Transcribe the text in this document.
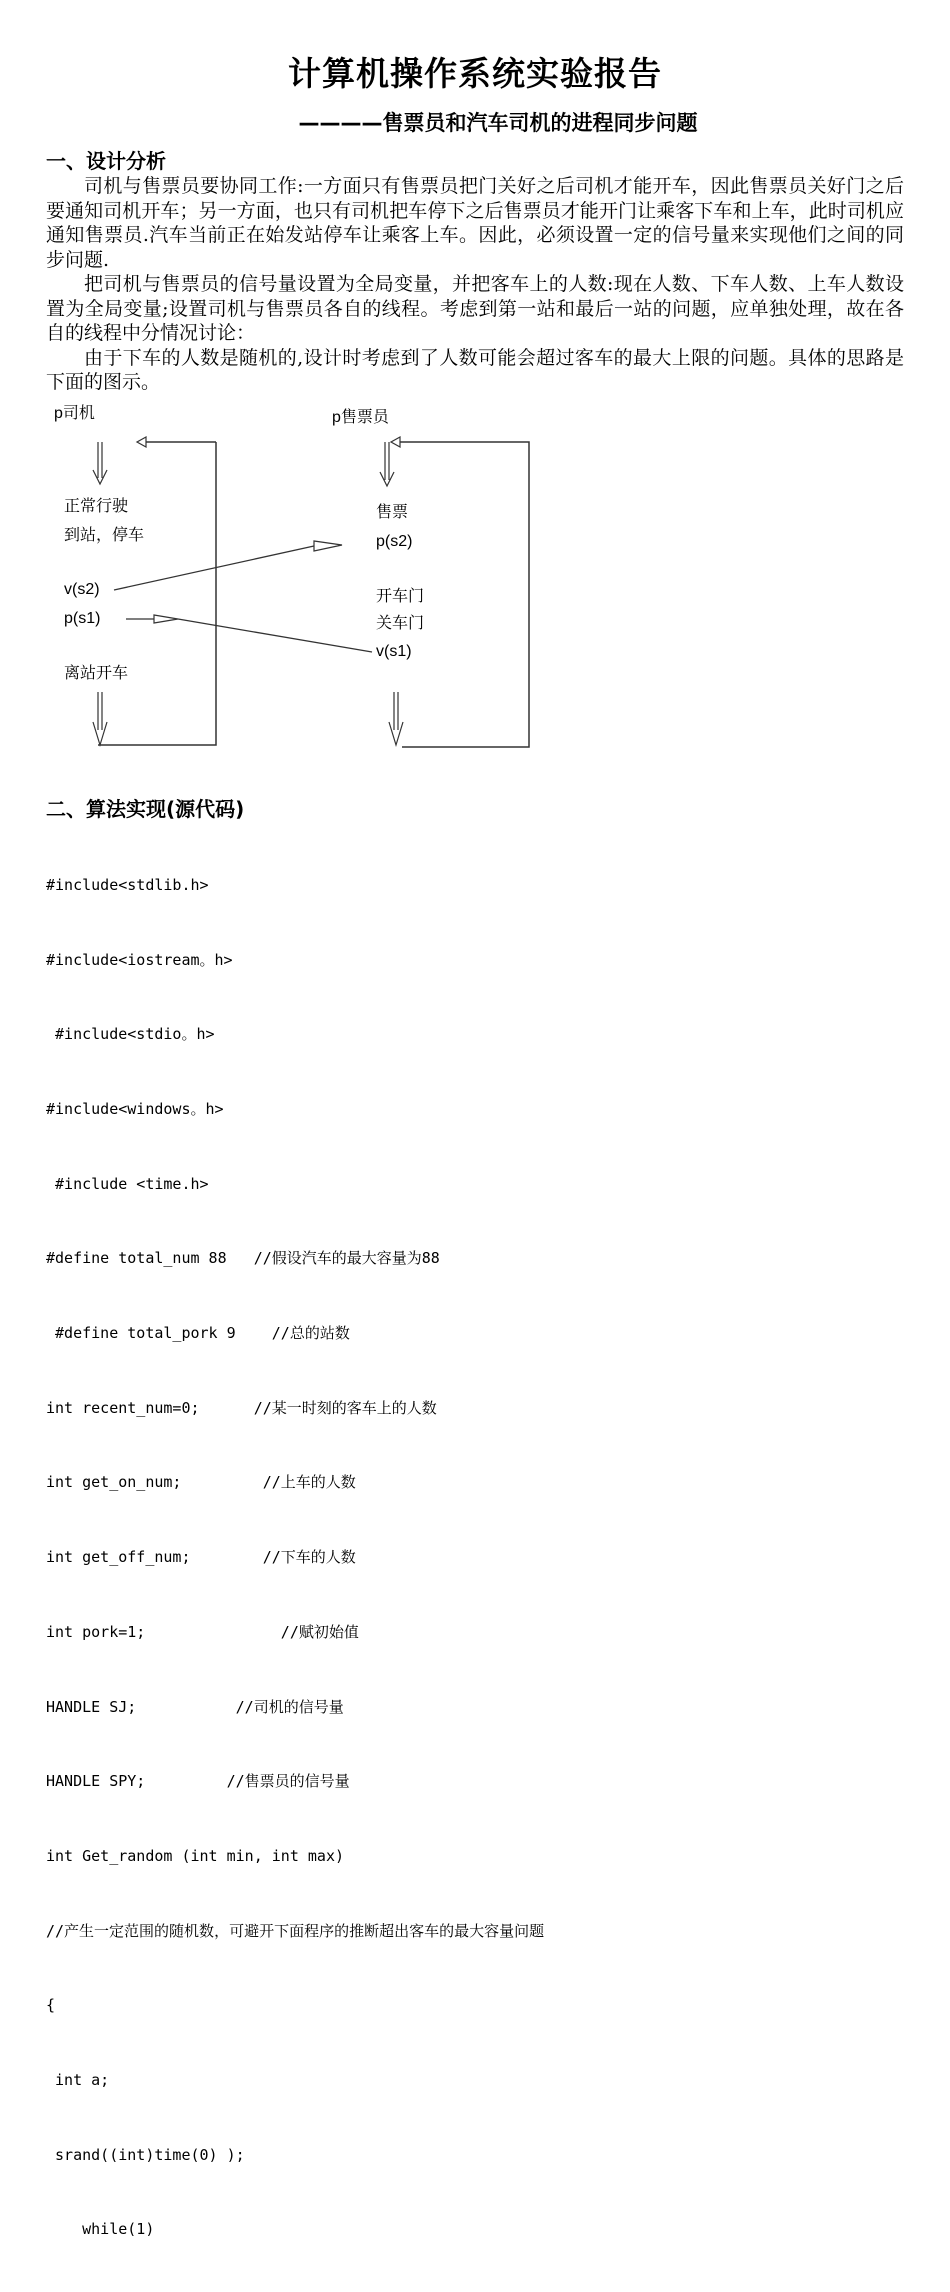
计算机操作系统实验报告
————售票员和汽车司机的进程同步问题
一、设计分析

司机与售票员要协同工作:一方面只有售票员把门关好之后司机才能开车，因此售票员关好门之后要通知司机开车；另一方面，也只有司机把车停下之后售票员才能开门让乘客下车和上车，此时司机应通知售票员.汽车当前正在始发站停车让乘客上车。因此，必须设置一定的信号量来实现他们之间的同步问题.

把司机与售票员的信号量设置为全局变量，并把客车上的人数:现在人数、下车人数、上车人数设置为全局变量;设置司机与售票员各自的线程。考虑到第一站和最后一站的问题，应单独处理，故在各自的线程中分情况讨论：

由于下车的人数是随机的,设计时考虑到了人数可能会超过客车的最大上限的问题。具体的思路是下面的图示。

p司机
正常行驶
到站，停车
v(s2)
p(s1)
离站开车
p售票员
售票
p(s2)
开车门
关车门
v(s1)
二、算法实现(源代码)

#include<stdlib.h>

#include<iostream。h>

#include<stdio。h>

#include<windows。h>

#include <time.h>

#define total_num 88   //假设汽车的最大容量为88

#define total_pork 9    //总的站数

int recent_num=0;      //某一时刻的客车上的人数

int get_on_num;         //上车的人数

int get_off_num;        //下车的人数

int pork=1;               //赋初始值

HANDLE SJ;           //司机的信号量

HANDLE SPY;         //售票员的信号量

int Get_random (int min, int max)

//产生一定范围的随机数，可避开下面程序的推断超出客车的最大容量问题

{

int a;

srand((int)time(0) );

while(1)
